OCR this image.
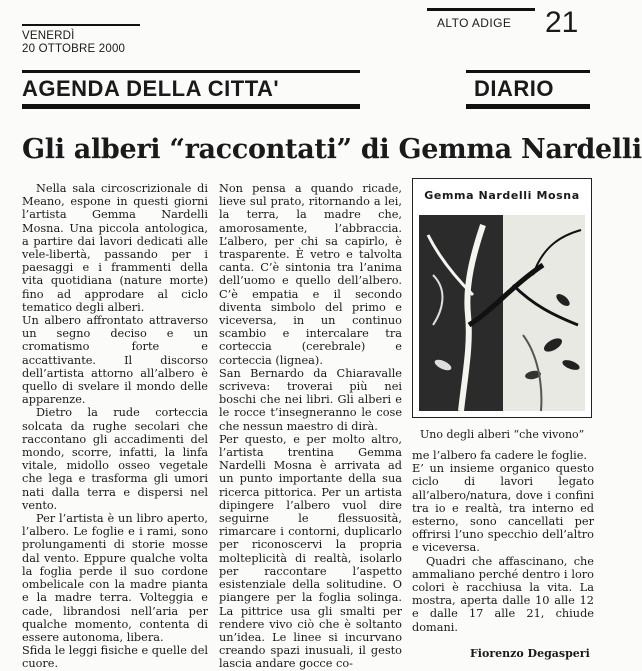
VENERDÌ
20 OTTOBRE 2000
ALTO ADIGE 21
AGENDA DELLA CITTA'	DIARIO
Gli alberi “raccontati” di Gemma Nardelli

Nella sala circoscrizionale di Meano, espone in questi giorni l’artista Gemma Nardelli Mosna. Una piccola antologica, a partire dai lavori dedicati alle vele-libertà, passando per i paesaggi e i frammenti della vita quotidiana (nature morte) fino ad approdare al ciclo tematico degli alberi.

Un albero affrontato attraverso un segno deciso e un cromatismo forte e accattivante. Il discorso dell’artista attorno all’albero è quello di svelare il mondo delle apparenze.

Dietro la rude corteccia solcata da rughe secolari che raccontano gli accadimenti del mondo, scorre, infatti, la linfa vitale, midollo osseo vegetale che lega e trasforma gli umori nati dalla terra e dispersi nel vento.

Per l’artista è un libro aperto, l’albero. Le foglie e i rami, sono prolungamenti di storie mosse dal vento. Eppure qualche volta la foglia perde il suo cordone ombelicale con la madre pianta e la madre terra. Volteggia e cade, librandosi nell’aria per qualche momento, contenta di essere autonoma, libera.

Sfida le leggi fisiche e quelle del cuore.

Non pensa a quando ricade, lieve sul prato, ritornando a lei, la terra, la madre che, amorosamente, l’abbraccia. L’albero, per chi sa capirlo, è trasparente. È vetro e talvolta canta. C’è sintonia tra l’anima dell’uomo e quello dell’albero. C’è empatia e il secondo diventa simbolo del primo e viceversa, in un continuo scambio e intercalare tra corteccia (cerebrale) e corteccia (lignea).

San Bernardo da Chiaravalle scriveva: troverai più nei boschi che nei libri. Gli alberi e le rocce t’insegneranno le cose che nessun maestro di dirà.

Per questo, e per molto altro, l’artista trentina Gemma Nardelli Mosna è arrivata ad un punto importante della sua ricerca pittorica. Per un artista dipingere l’albero vuol dire seguirne le flessuosità, rimarcare i contorni, duplicarlo per riconoscervi la propria molteplicità di realtà, isolarlo per raccontare l’aspetto esistenziale della solitudine. O piangere per la foglia solinga. La pittrice usa gli smalti per rendere vivo ciò che è soltanto un’idea. Le linee si incurvano creando spazi inusuali, il gesto lascia andare gocce co-

Gemma Nardelli Mosna
Uno degli alberi “che vivono”

me l’albero fa cadere le foglie.

E’ un insieme organico questo ciclo di lavori legato all’albero/natura, dove i confini tra io e realtà, tra interno ed esterno, sono cancellati per offrirsi l’uno specchio dell’altro e viceversa.

Quadri che affascinano, che ammaliano perché dentro i loro colori è racchiusa la vita. La mostra, aperta dalle 10 alle 12 e dalle 17 alle 21, chiude domani.

Fiorenzo Degasperi
